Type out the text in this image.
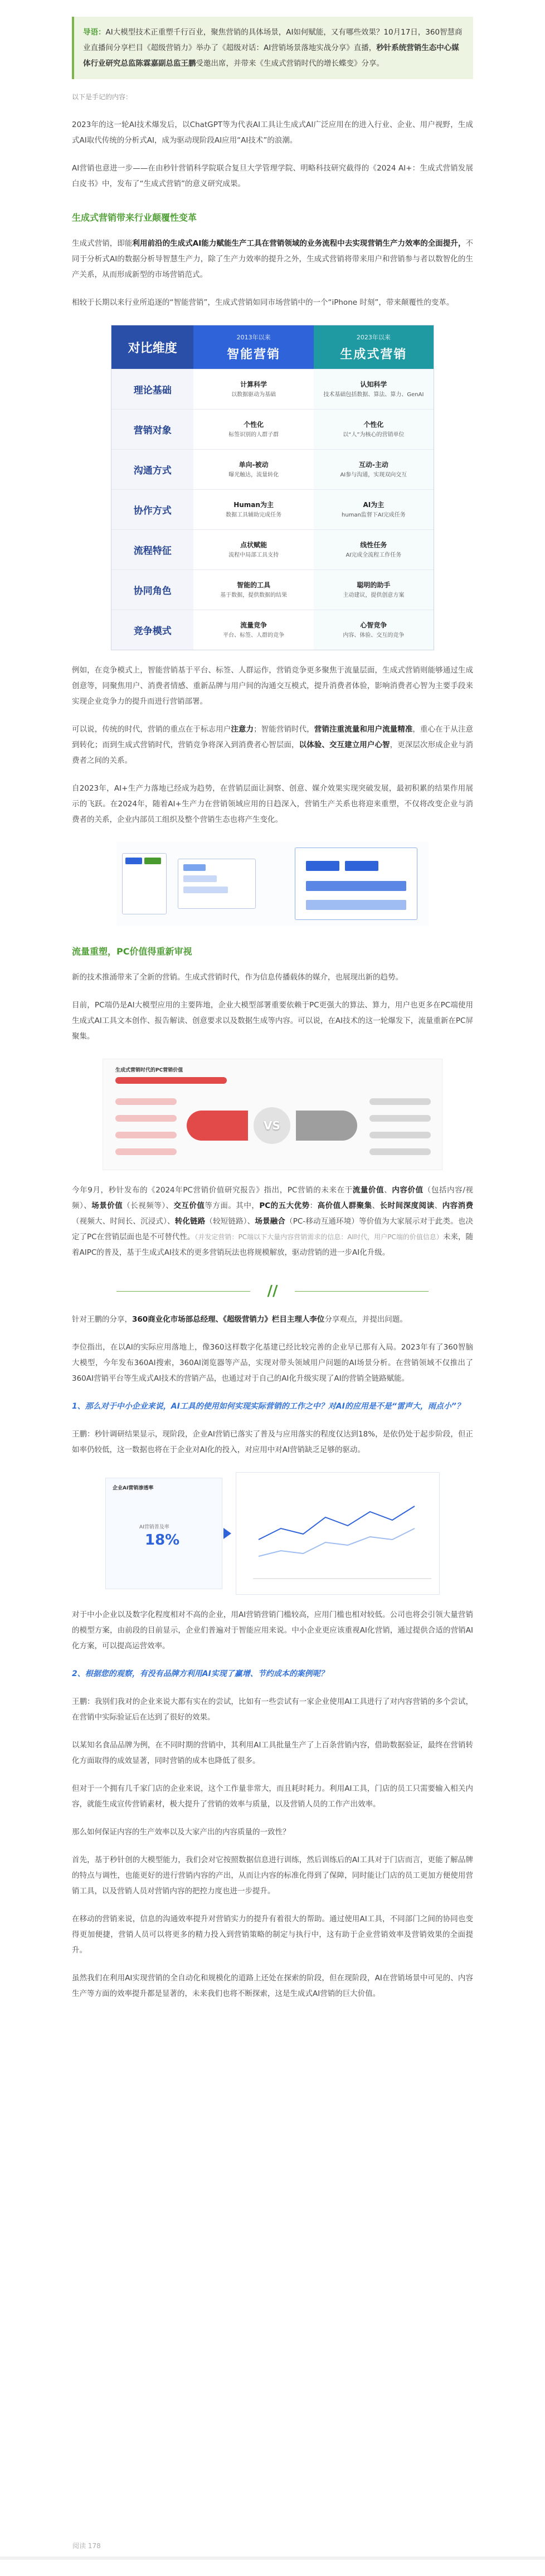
导语：AI大模型技术正重塑千行百业，聚焦营销的具体场景，AI如何赋能，又有哪些效果？10月17日，360智慧商业直播间分享栏目《超级营销力》举办了《超级对话：AI营销场景落地实战分享》直播，秒针系统营销生态中心媒体行业研究总监陈霖嘉副总监王鹏受邀出席，并带来《生成式营销时代的增长蝶变》分享。

以下是手记的内容：

2023年的这一轮AI技术爆发后，以ChatGPT等为代表AI工具让生成式AI广泛应用在的进入行业、企业、用户视野，生成式AI取代传统的分析式AI，成为驱动现阶段AI应用“AI技术”的浪潮。

AI营销也意进一步——在由秒针营销科学院联合复旦大学管理学院、明略科技研究截得的《2024 AI+：生成式营销发展白皮书》中，发布了“生成式营销”的意义研究成果。

生成式营销带来行业颠覆性变革

生成式营销，即能利用前沿的生成式AI能力赋能生产工具在营销领域的业务流程中去实现营销生产力效率的全面提升，不同于分析式AI的数据分析导智慧生产力，除了生产力效率的提升之外，生成式营销将带来用户和营销参与者以数智化的生产关系，从而形成新型的市场营销范式。

相较于长期以来行业所追逐的“智能营销”，生成式营销如同市场营销中的一个“iPhone 时刻”，带来颠覆性的变革。

对比维度
2013年以来
智能营销
2023年以来
生成式营销
理论基础
计算科学
以数据驱动为基础
认知科学
技术基础包括数据、算法、算力、GenAI
营销对象
个性化
标签识别的人群子群
个性化
以“人”为核心的营销单位
沟通方式
单向-被动
曝光触达，流量转化
互动-主动
AI参与沟通，实现双向交互
协作方式
Human为主
数据工具辅助完成任务
AI为主
human监督下AI完成任务
流程特征
点状赋能
流程中局部工具支持
线性任务
AI完成全流程工作任务
协同角色
智能的工具
基于数据，提供数据的结果
聪明的助手
主动建议，提供创意方案
竞争模式
流量竞争
平台、标签、人群的竞争
心智竞争
内容、体验、交互的竞争

例如，在竞争模式上，智能营销基于平台、标签、人群运作，营销竞争更多聚焦于流量层面，生成式营销则能够通过生成创意等，同聚焦用户、消费者情感、重新品牌与用户间的沟通交互模式，提升消费者体验，影响消费者心智为主要手段来实现企业竞争力的提升而进行营销部署。

可以说，传统的时代，营销的重点在于标志用户注意力；智能营销时代，营销注重流量和用户流量精准，重心在于从注意到转化；而到生成式营销时代，营销竞争将深入到消费者心智层面，以体验、交互建立用户心智，更深层次形成企业与消费者之间的关系。

自2023年，AI+生产力落地已经成为趋势，在营销层面让洞察、创意、媒介效果实现突破发展，最初积累的结果作用展示的飞跃。在2024年，随着AI+生产力在营销领域应用的日趋深入，营销生产关系也将迎来重塑，不仅将改变企业与消费者的关系，企业内部员工组织及整个营销生态也将产生变化。

流量重塑，PC价值得重新审视

新的技术推涌带来了全新的营销。生成式营销时代，作为信息传播载体的媒介，也展现出新的趋势。

目前，PC端仍是AI大模型应用的主要阵地，企业大模型部署重要依赖于PC更强大的算法、算力，用户也更多在PC端使用生成式AI工具文本创作、报告解读、创意要求以及数据生成等内容。可以说，在AI技术的这一轮爆发下，流量重新在PC屏聚集。

生成式营销时代的PC营销价值
VS

今年9月，秒针发布的《2024年PC营销价值研究报告》指出，PC营销的未来在于流量价值、内容价值（包括内容/视频）、场景价值（长视频等）、交互价值等方面。其中，PC的五大优势：高价值人群聚集、长时间深度阅读、内容消费（视频大、时间长、沉浸式）、转化链路（较短链路）、场景融合（PC-移动互通环境）等价值为大家展示对于此类。也决定了PC在营销层面也是不可替代性。（并发定营销：PC端以下大量内容营销需求的信息：AI时代，用户PC端的价值信息）未来，随着AIPC的普及，基于生成式AI技术的更多营销玩法也将规模解放，驱动营销的进一步AI化升级。

//

针对王鹏的分享，360商业化市场部总经理、《超级营销力》栏目主理人李位分享观点，并提出问题。

李位指出，在以AI的实际应用落地上，像360这样数字化基建已经比较完善的企业早已那有入局。2023年有了360智脑大模型，今年发布360AI搜索，360AI浏览器等产品，实现对带头领域用户问题的AI场景分析。在营销领域不仅推出了360AI营销平台等生成式AI技术的营销产品，也通过对于自己的AI化升级实现了AI的营销全链路赋能。

1、那么对于中小企业来说，AI工具的使用如何实现实际营销的工作之中？对AI的应用是不是“雷声大，雨点小”？

王鹏：秒针调研结果显示，现阶段，企业AI营销已落实了普及与应用落实的程度仅达到18%，是依仍处于起步阶段，但正如率仍较低，这一数据也将在于企业对AI化的投入，对应用中对AI营销缺乏足够的驱动。

企业AI营销渗透率
AI营销普及率
18%

对于中小企业以及数字化程度相对不高的企业，用AI营销营销门槛较高，应用门槛也相对较低。公司也将会引领大量营销的模型方案，由前段的目前显示，企业们普遍对于智能应用来说。中小企业更应该重视AI化营销，通过提供合适的营销AI化方案，可以提高运营效率。

2、根据您的观察，有没有品牌方利用AI实现了赢增、节约成本的案例呢？

王鹏：我别们我对的企业来说大都有实在的尝试，比如有一些尝试有一家企业使用AI工具进行了对内容营销的多个尝试，在营销中实际验证后在达到了很好的效果。

以某知名食品品牌为例，在不同时期的营销中，其利用AI工具批量生产了上百条营销内容，借助数据验证，最终在营销转化方面取得的成效显著，同时营销的成本也降低了很多。

但对于一个拥有几千家门店的企业来说，这个工作量非常大，而且耗时耗力。利用AI工具，门店的员工只需要输入相关内容，就能生成宣传营销素材，极大提升了营销的效率与质量，以及营销人员的工作产出效率。

那么如何保证内容的生产效率以及大家产出的内容质量的一致性？

首先，基于秒针创的大模型能力，我们会对它按照数据信息进行训练，然后训练后的AI工具对于门店而言，更能了解品牌的特点与调性，也能更好的进行营销内容的产出，从而让内容的标准化得到了保障，同时能让门店的员工更加方便使用营销工具，以及营销人员对营销内容的把控力度也进一步提升。

在移动的营销来说，信息的沟通效率提升对营销实力的提升有着很大的帮助。通过使用AI工具，不同部门之间的协同也变得更加便捷，营销人员可以将更多的精力投入到营销策略的制定与执行中，这有助于企业营销效率及营销效果的全面提升。

虽然我们在利用AI实现营销的全自动化和规模化的道路上还处在探索的阶段，但在现阶段，AI在营销场景中可见的、内容生产等方面的效率提升都是显著的，未来我们也将不断探索，这是生成式AI营销的巨大价值。

阅读 178
